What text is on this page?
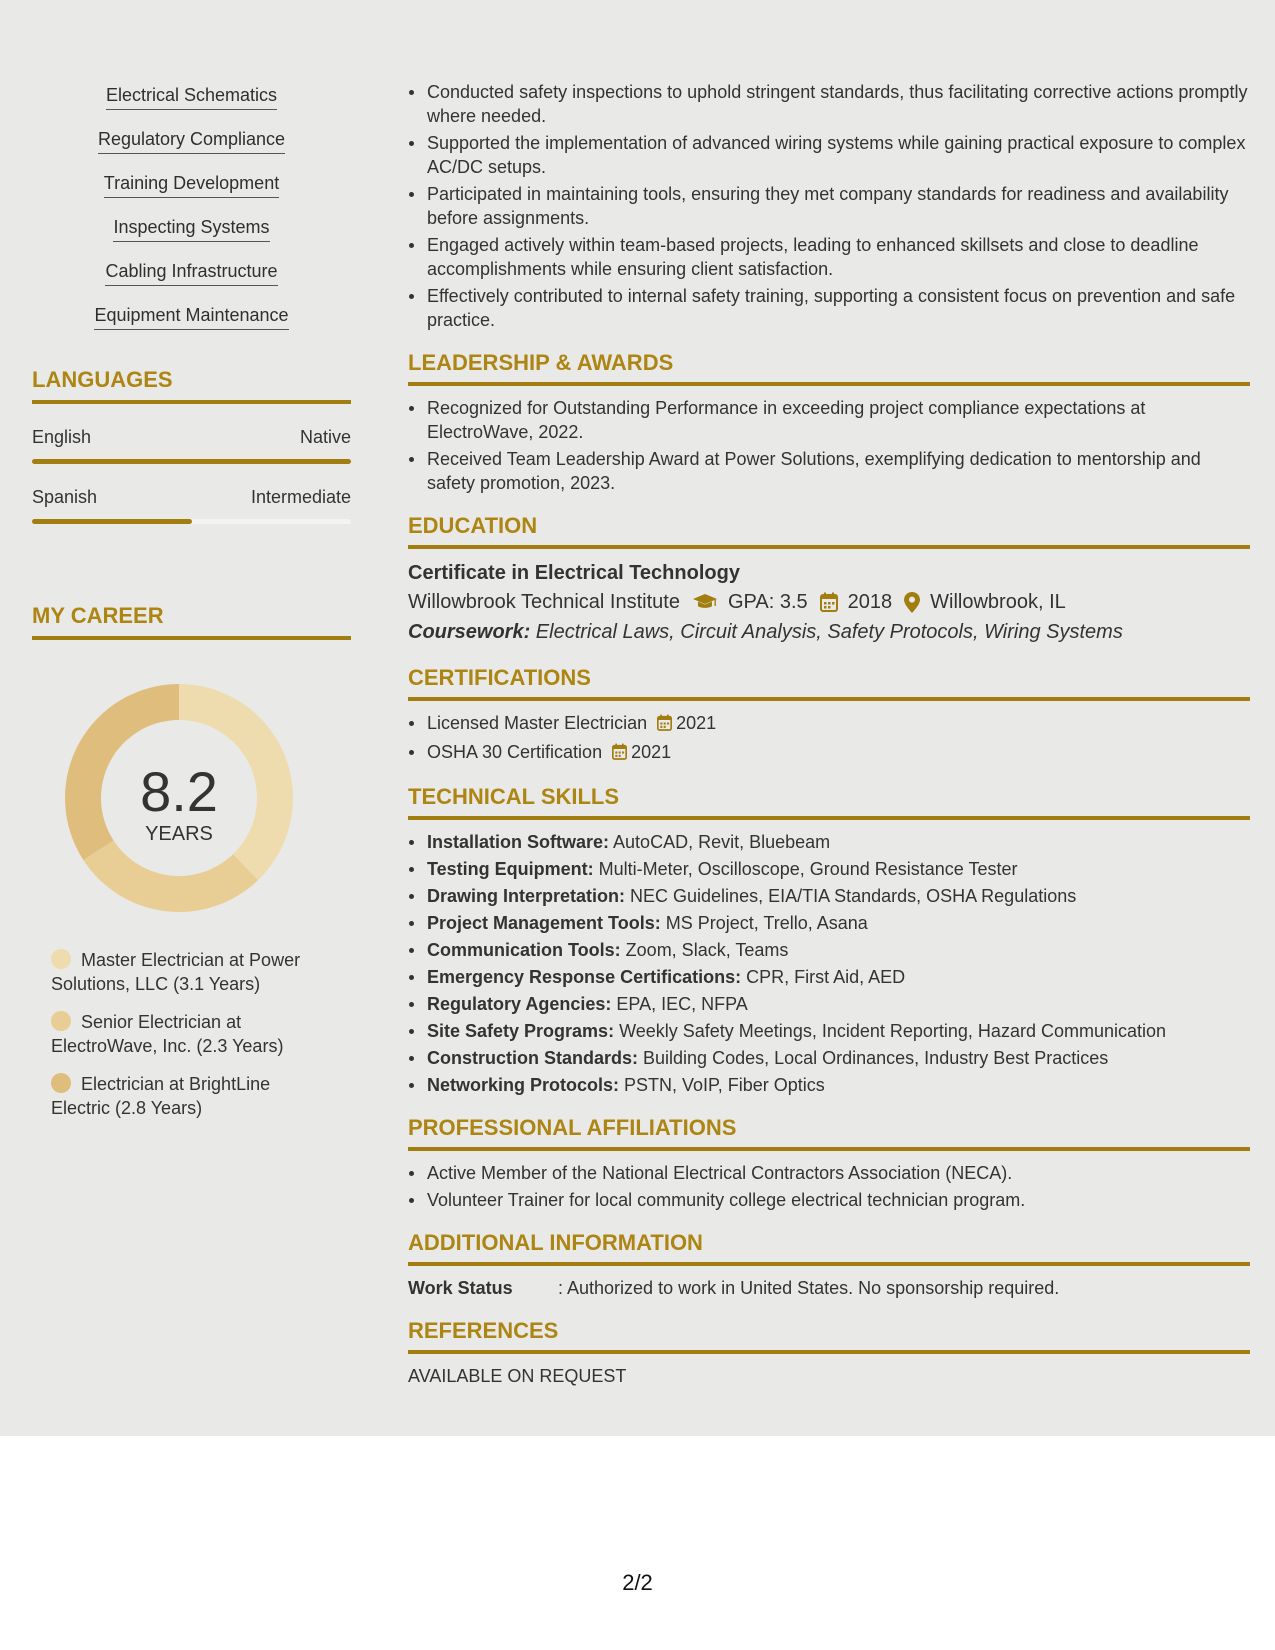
Electrical Schematics
Regulatory Compliance
Training Development
Inspecting Systems
Cabling Infrastructure
Equipment Maintenance
LANGUAGES
English	Native
Spanish	Intermediate
MY CAREER
8.2
YEARS
Master Electrician at Power Solutions, LLC (3.1 Years)
Senior Electrician at ElectroWave, Inc. (2.3 Years)
Electrician at BrightLine Electric (2.8 Years)
Conducted safety inspections to uphold stringent standards, thus facilitating corrective actions promptly where needed.
Supported the implementation of advanced wiring systems while gaining practical exposure to complex AC/DC setups.
Participated in maintaining tools, ensuring they met company standards for readiness and availability before assignments.
Engaged actively within team-based projects, leading to enhanced skillsets and close to deadline accomplishments while ensuring client satisfaction.
Effectively contributed to internal safety training, supporting a consistent focus on prevention and safe practice.
LEADERSHIP & AWARDS
Recognized for Outstanding Performance in exceeding project compliance expectations at ElectroWave, 2022.
Received Team Leadership Award at Power Solutions, exemplifying dedication to mentorship and safety promotion, 2023.
EDUCATION
Certificate in Electrical Technology
Willowbrook Technical Institute GPA: 3.5 2018 Willowbrook, IL
Coursework: Electrical Laws, Circuit Analysis, Safety Protocols, Wiring Systems
CERTIFICATIONS
Licensed Master Electrician 2021
OSHA 30 Certification 2021
TECHNICAL SKILLS
Installation Software: AutoCAD, Revit, Bluebeam
Testing Equipment: Multi-Meter, Oscilloscope, Ground Resistance Tester
Drawing Interpretation: NEC Guidelines, EIA/TIA Standards, OSHA Regulations
Project Management Tools: MS Project, Trello, Asana
Communication Tools: Zoom, Slack, Teams
Emergency Response Certifications: CPR, First Aid, AED
Regulatory Agencies: EPA, IEC, NFPA
Site Safety Programs: Weekly Safety Meetings, Incident Reporting, Hazard Communication
Construction Standards: Building Codes, Local Ordinances, Industry Best Practices
Networking Protocols: PSTN, VoIP, Fiber Optics
PROFESSIONAL AFFILIATIONS
Active Member of the National Electrical Contractors Association (NECA).
Volunteer Trainer for local community college electrical technician program.
ADDITIONAL INFORMATION
Work Status	: Authorized to work in United States. No sponsorship required.
REFERENCES
AVAILABLE ON REQUEST
2/2
